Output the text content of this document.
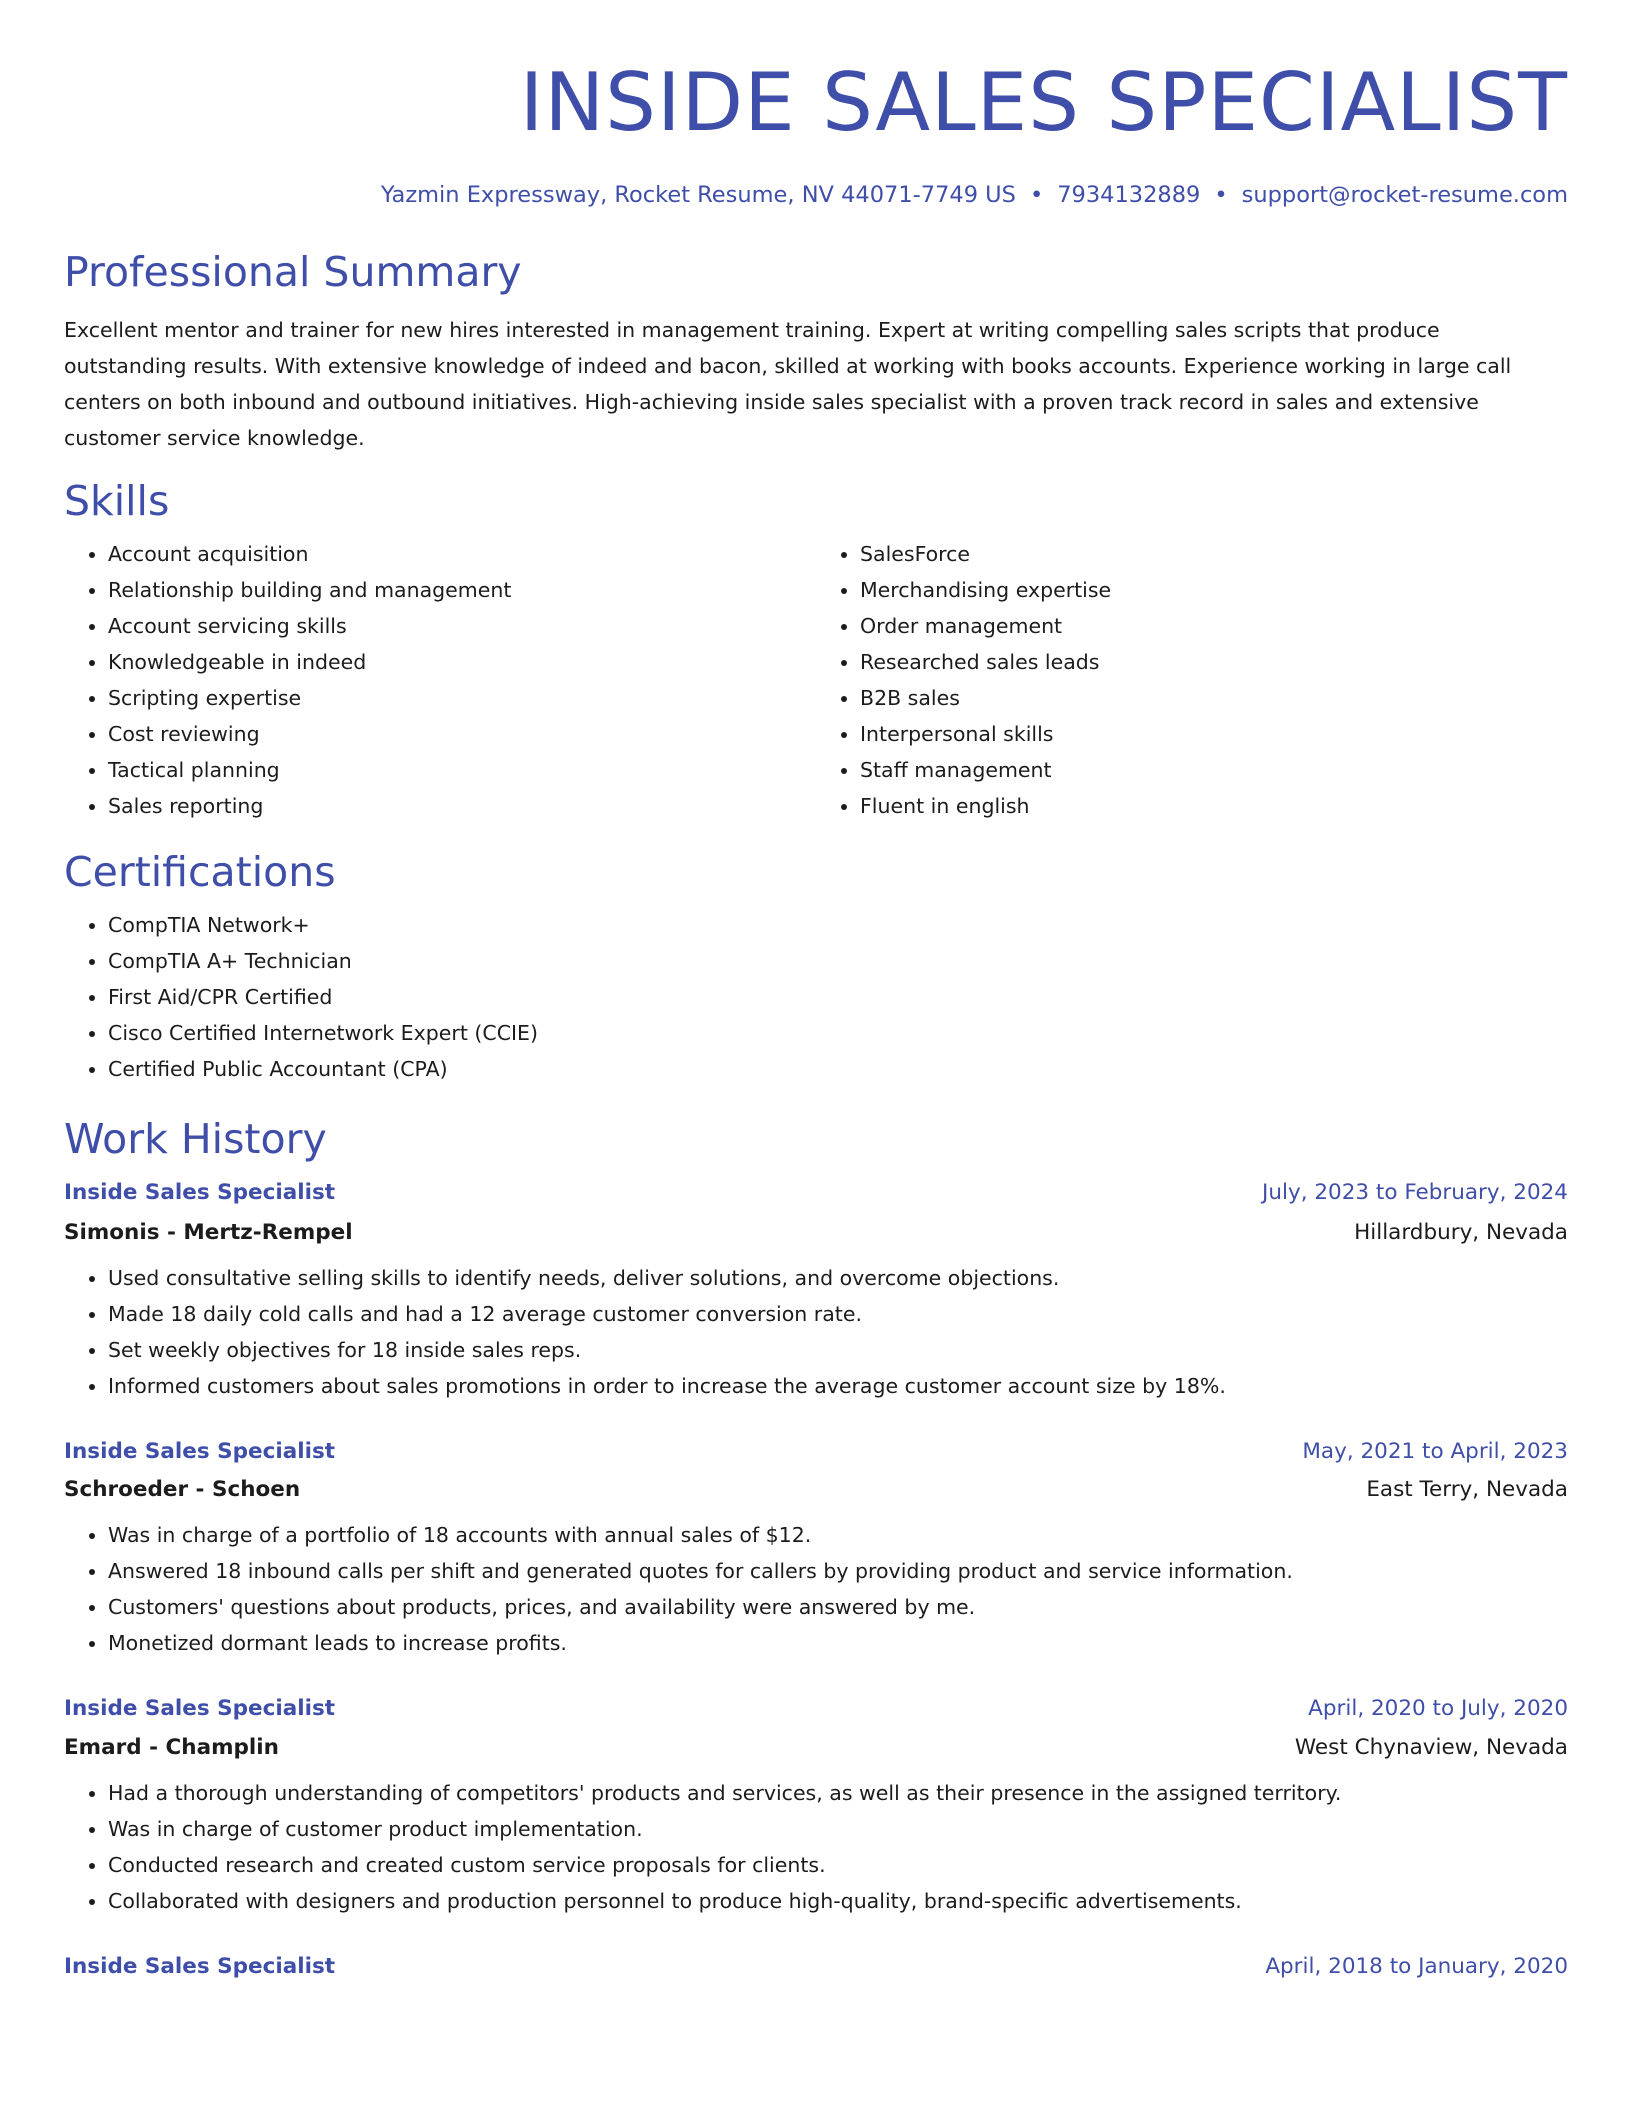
INSIDE SALES SPECIALIST
Yazmin Expressway, Rocket Resume, NV 44071-7749 US • 7934132889 • support@rocket-resume.com
Professional Summary

Excellent mentor and trainer for new hires interested in management training. Expert at writing compelling sales scripts that produce outstanding results. With extensive knowledge of indeed and bacon, skilled at working with books accounts. Experience working in large call centers on both inbound and outbound initiatives. High-achieving inside sales specialist with a proven track record in sales and extensive customer service knowledge.

Skills
• Account acquisition
• Relationship building and management
• Account servicing skills
• Knowledgeable in indeed
• Scripting expertise
• Cost reviewing
• Tactical planning
• Sales reporting
• SalesForce
• Merchandising expertise
• Order management
• Researched sales leads
• B2B sales
• Interpersonal skills
• Staff management
• Fluent in english
Certifications
• CompTIA Network+
• CompTIA A+ Technician
• First Aid/CPR Certified
• Cisco Certified Internetwork Expert (CCIE)
• Certified Public Accountant (CPA)
Work History
Inside Sales Specialist	July, 2023 to February, 2024
Simonis - Mertz-Rempel	Hillardbury, Nevada
• Used consultative selling skills to identify needs, deliver solutions, and overcome objections.
• Made 18 daily cold calls and had a 12 average customer conversion rate.
• Set weekly objectives for 18 inside sales reps.
• Informed customers about sales promotions in order to increase the average customer account size by 18%.
Inside Sales Specialist	May, 2021 to April, 2023
Schroeder - Schoen	East Terry, Nevada
• Was in charge of a portfolio of 18 accounts with annual sales of $12.
• Answered 18 inbound calls per shift and generated quotes for callers by providing product and service information.
• Customers' questions about products, prices, and availability were answered by me.
• Monetized dormant leads to increase profits.
Inside Sales Specialist	April, 2020 to July, 2020
Emard - Champlin	West Chynaview, Nevada
• Had a thorough understanding of competitors' products and services, as well as their presence in the assigned territory.
• Was in charge of customer product implementation.
• Conducted research and created custom service proposals for clients.
• Collaborated with designers and production personnel to produce high-quality, brand-specific advertisements.
Inside Sales Specialist	April, 2018 to January, 2020
